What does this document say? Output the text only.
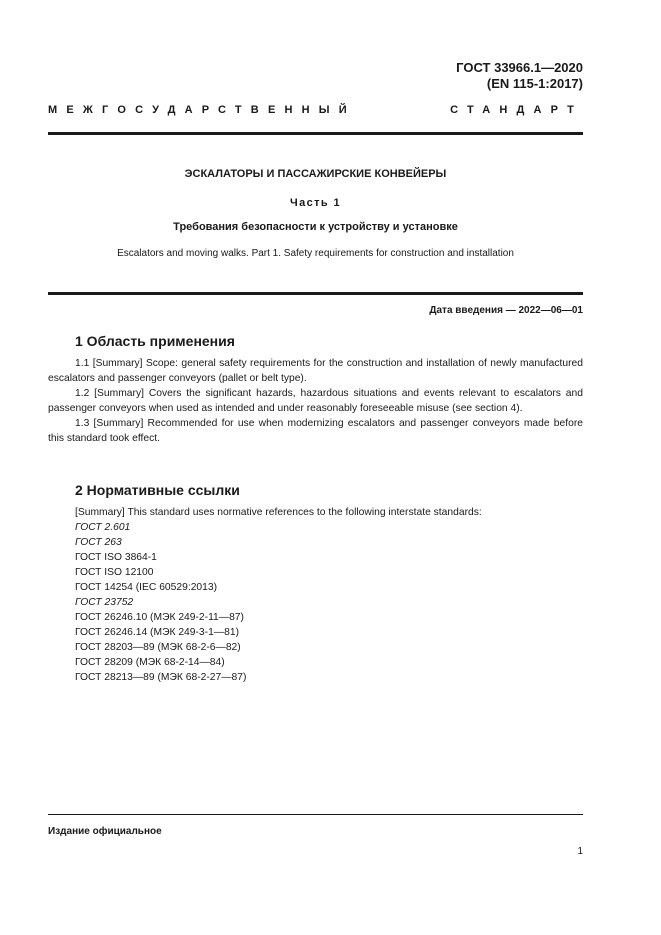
ГОСТ 33966.1—2020
(EN 115-1:2017)
МЕЖГОСУДАРСТВЕННЫЙ	СТАНДАРТ
ЭСКАЛАТОРЫ И ПАССАЖИРСКИЕ КОНВЕЙЕРЫ
Часть 1
Требования безопасности к устройству и установке
Escalators and moving walks. Part 1. Safety requirements for construction and installation
Дата введения — 2022—06—01
1 Область применения

1.1 [Summary] Scope: general safety requirements for the construction and installation of newly manufactured escalators and passenger conveyors (pallet or belt type).

1.2 [Summary] Covers the significant hazards, hazardous situations and events relevant to escalators and passenger conveyors when used as intended and under reasonably foreseeable misuse (see section 4).

1.3 [Summary] Recommended for use when modernizing escalators and passenger conveyors made before this standard took effect.

2 Нормативные ссылки

[Summary] This standard uses normative references to the following interstate standards:

ГОСТ 2.601

ГОСТ 263

ГОСТ ISO 3864-1

ГОСТ ISO 12100

ГОСТ 14254 (IEC 60529:2013)

ГОСТ 23752

ГОСТ 26246.10 (МЭК 249-2-11—87)

ГОСТ 26246.14 (МЭК 249-3-1—81)

ГОСТ 28203—89 (МЭК 68-2-6—82)

ГОСТ 28209 (МЭК 68-2-14—84)

ГОСТ 28213—89 (МЭК 68-2-27—87)

Издание официальное
1
